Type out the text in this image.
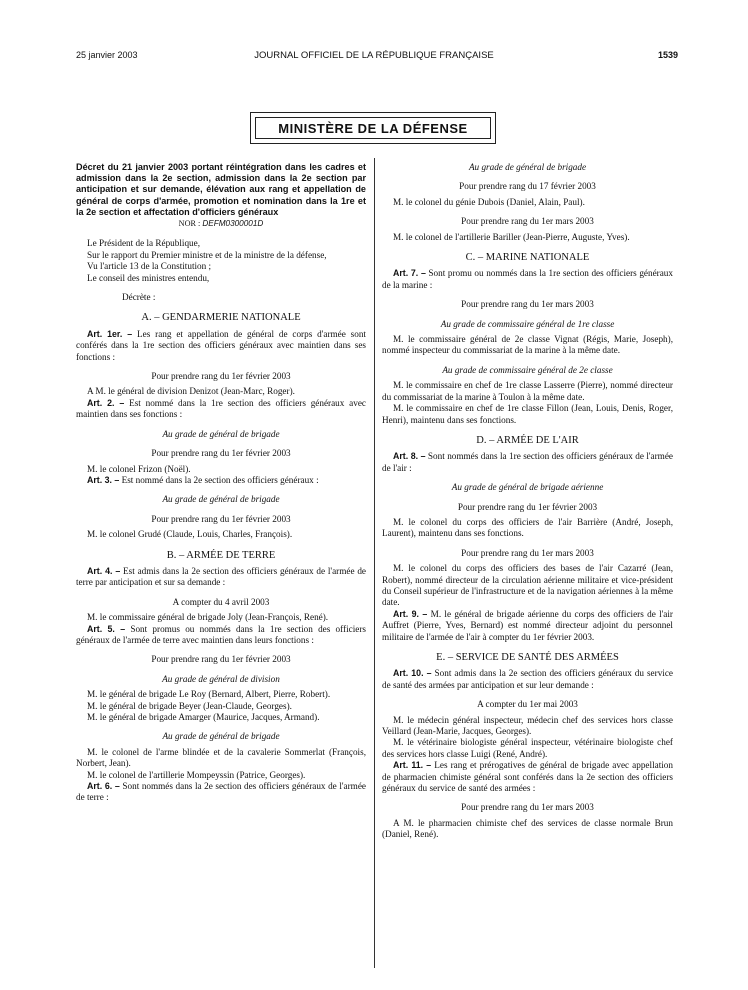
25 janvier 2003	JOURNAL OFFICIEL DE LA RÉPUBLIQUE FRANÇAISE	1539
MINISTÈRE DE LA DÉFENSE

Décret du 21 janvier 2003 portant réintégration dans les cadres et admission dans la 2e section, admission dans la 2e section par anticipation et sur demande, élévation aux rang et appellation de général de corps d'armée, promotion et nomination dans la 1re et la 2e section et affectation d'officiers généraux

NOR : DEFM0300001D

Le Président de la République,

Sur le rapport du Premier ministre et de la ministre de la défense,

Vu l'article 13 de la Constitution ;

Le conseil des ministres entendu,

Décrète :

A. – GENDARMERIE NATIONALE

Art. 1er. – Les rang et appellation de général de corps d'armée sont conférés dans la 1re section des officiers généraux avec maintien dans ses fonctions :

Pour prendre rang du 1er février 2003

A M. le général de division Denizot (Jean-Marc, Roger).

Art. 2. – Est nommé dans la 1re section des officiers généraux avec maintien dans ses fonctions :

Au grade de général de brigade

Pour prendre rang du 1er février 2003

M. le colonel Frizon (Noël).

Art. 3. – Est nommé dans la 2e section des officiers généraux :

Au grade de général de brigade

Pour prendre rang du 1er février 2003

M. le colonel Grudé (Claude, Louis, Charles, François).

B. – ARMÉE DE TERRE

Art. 4. – Est admis dans la 2e section des officiers généraux de l'armée de terre par anticipation et sur sa demande :

A compter du 4 avril 2003

M. le commissaire général de brigade Joly (Jean-François, René).

Art. 5. – Sont promus ou nommés dans la 1re section des officiers généraux de l'armée de terre avec maintien dans leurs fonctions :

Pour prendre rang du 1er février 2003

Au grade de général de division

M. le général de brigade Le Roy (Bernard, Albert, Pierre, Robert).

M. le général de brigade Beyer (Jean-Claude, Georges).

M. le général de brigade Amarger (Maurice, Jacques, Armand).

Au grade de général de brigade

M. le colonel de l'arme blindée et de la cavalerie Sommerlat (François, Norbert, Jean).

M. le colonel de l'artillerie Mompeyssin (Patrice, Georges).

Art. 6. – Sont nommés dans la 2e section des officiers généraux de l'armée de terre :

Au grade de général de brigade

Pour prendre rang du 17 février 2003

M. le colonel du génie Dubois (Daniel, Alain, Paul).

Pour prendre rang du 1er mars 2003

M. le colonel de l'artillerie Bariller (Jean-Pierre, Auguste, Yves).

C. – MARINE NATIONALE

Art. 7. – Sont promu ou nommés dans la 1re section des officiers généraux de la marine :

Pour prendre rang du 1er mars 2003

Au grade de commissaire général de 1re classe

M. le commissaire général de 2e classe Vignat (Régis, Marie, Joseph), nommé inspecteur du commissariat de la marine à la même date.

Au grade de commissaire général de 2e classe

M. le commissaire en chef de 1re classe Lasserre (Pierre), nommé directeur du commissariat de la marine à Toulon à la même date.

M. le commissaire en chef de 1re classe Fillon (Jean, Louis, Denis, Roger, Henri), maintenu dans ses fonctions.

D. – ARMÉE DE L'AIR

Art. 8. – Sont nommés dans la 1re section des officiers généraux de l'armée de l'air :

Au grade de général de brigade aérienne

Pour prendre rang du 1er février 2003

M. le colonel du corps des officiers de l'air Barrière (André, Joseph, Laurent), maintenu dans ses fonctions.

Pour prendre rang du 1er mars 2003

M. le colonel du corps des officiers des bases de l'air Cazarré (Jean, Robert), nommé directeur de la circulation aérienne militaire et vice-président du Conseil supérieur de l'infrastructure et de la navigation aériennes à la même date.

Art. 9. – M. le général de brigade aérienne du corps des officiers de l'air Auffret (Pierre, Yves, Bernard) est nommé directeur adjoint du personnel militaire de l'armée de l'air à compter du 1er février 2003.

E. – SERVICE DE SANTÉ DES ARMÉES

Art. 10. – Sont admis dans la 2e section des officiers généraux du service de santé des armées par anticipation et sur leur demande :

A compter du 1er mai 2003

M. le médecin général inspecteur, médecin chef des services hors classe Veillard (Jean-Marie, Jacques, Georges).

M. le vétérinaire biologiste général inspecteur, vétérinaire biologiste chef des services hors classe Luigi (René, André).

Art. 11. – Les rang et prérogatives de général de brigade avec appellation de pharmacien chimiste général sont conférés dans la 2e section des officiers généraux du service de santé des armées :

Pour prendre rang du 1er mars 2003

A M. le pharmacien chimiste chef des services de classe normale Brun (Daniel, René).
